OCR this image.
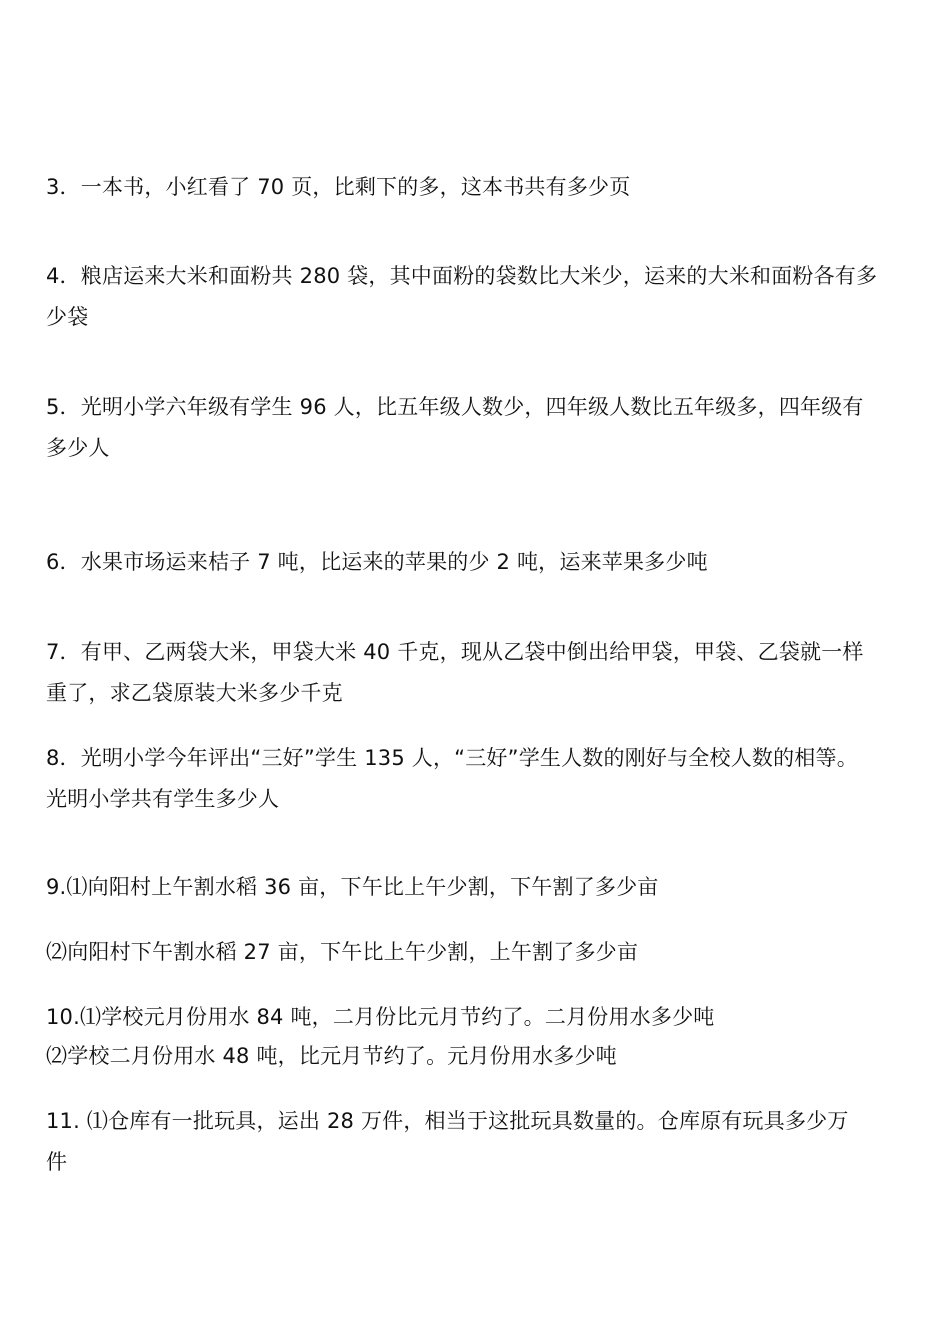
3．一本书，小红看了 70 页，比剩下的多，这本书共有多少页
4．粮店运来大米和面粉共 280 袋，其中面粉的袋数比大米少，运来的大米和面粉各有多
少袋
5．光明小学六年级有学生 96 人，比五年级人数少，四年级人数比五年级多，四年级有
多少人
6．水果市场运来桔子 7 吨，比运来的苹果的少 2 吨，运来苹果多少吨
7．有甲、乙两袋大米，甲袋大米 40 千克，现从乙袋中倒出给甲袋，甲袋、乙袋就一样
重了，求乙袋原装大米多少千克
8．光明小学今年评出“三好”学生 135 人，“三好”学生人数的刚好与全校人数的相等。
光明小学共有学生多少人
9.⑴向阳村上午割水稻 36 亩，下午比上午少割，下午割了多少亩
⑵向阳村下午割水稻 27 亩，下午比上午少割，上午割了多少亩
10.⑴学校元月份用水 84 吨，二月份比元月节约了。二月份用水多少吨
⑵学校二月份用水 48 吨，比元月节约了。元月份用水多少吨
11. ⑴仓库有一批玩具，运出 28 万件，相当于这批玩具数量的。仓库原有玩具多少万
件
